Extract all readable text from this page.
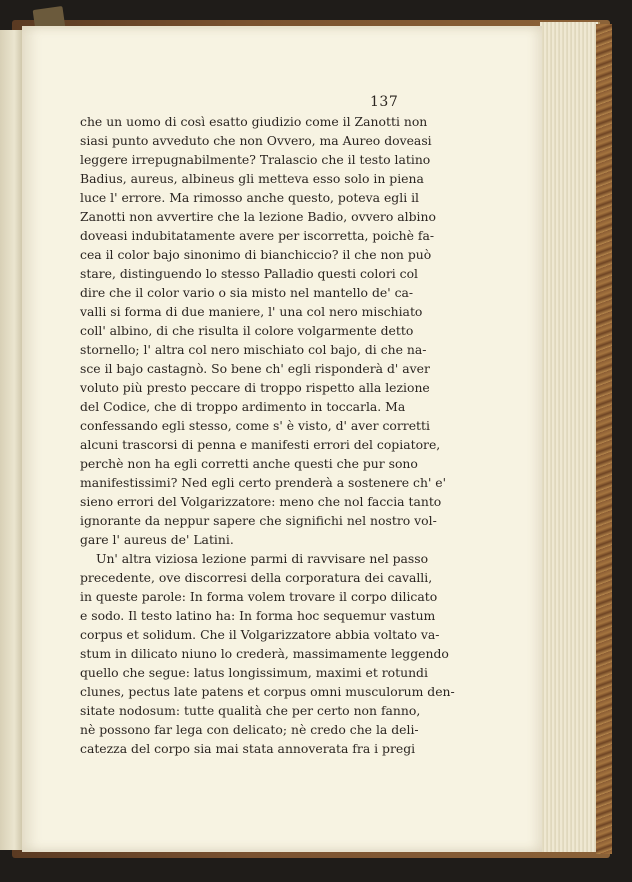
137
che un uomo di così esatto giudizio come il Zanotti non
siasi punto avveduto che non Ovvero, ma Aureo doveasi
leggere irrepugnabilmente? Tralascio che il testo latino
Badius, aureus, albineus gli metteva esso solo in piena
luce l' errore. Ma rimosso anche questo, poteva egli il
Zanotti non avvertire che la lezione Badio, ovvero albino
doveasi indubitatamente avere per iscorretta, poichè fa-
cea il color bajo sinonimo di bianchiccio? il che non può
stare, distinguendo lo stesso Palladio questi colori col
dire che il color vario o sia misto nel mantello de' ca-
valli si forma di due maniere, l' una col nero mischiato
coll' albino, di che risulta il colore volgarmente detto
stornello; l' altra col nero mischiato col bajo, di che na-
sce il bajo castagnò. So bene ch' egli risponderà d' aver
voluto più presto peccare di troppo rispetto alla lezione
del Codice, che di troppo ardimento in toccarla. Ma
confessando egli stesso, come s' è visto, d' aver corretti
alcuni trascorsi di penna e manifesti errori del copiatore,
perchè non ha egli corretti anche questi che pur sono
manifestissimi? Ned egli certo prenderà a sostenere ch' e'
sieno errori del Volgarizzatore: meno che nol faccia tanto
ignorante da neppur sapere che significhi nel nostro vol-
gare l' aureus de' Latini.
Un' altra viziosa lezione parmi di ravvisare nel passo
precedente, ove discorresi della corporatura dei cavalli,
in queste parole: In forma volem trovare il corpo dilicato
e sodo. Il testo latino ha: In forma hoc sequemur vastum
corpus et solidum. Che il Volgarizzatore abbia voltato va-
stum in dilicato niuno lo crederà, massimamente leggendo
quello che segue: latus longissimum, maximi et rotundi
clunes, pectus late patens et corpus omni musculorum den-
sitate nodosum: tutte qualità che per certo non fanno,
nè possono far lega con delicato; nè credo che la deli-
catezza del corpo sia mai stata annoverata fra i pregi
